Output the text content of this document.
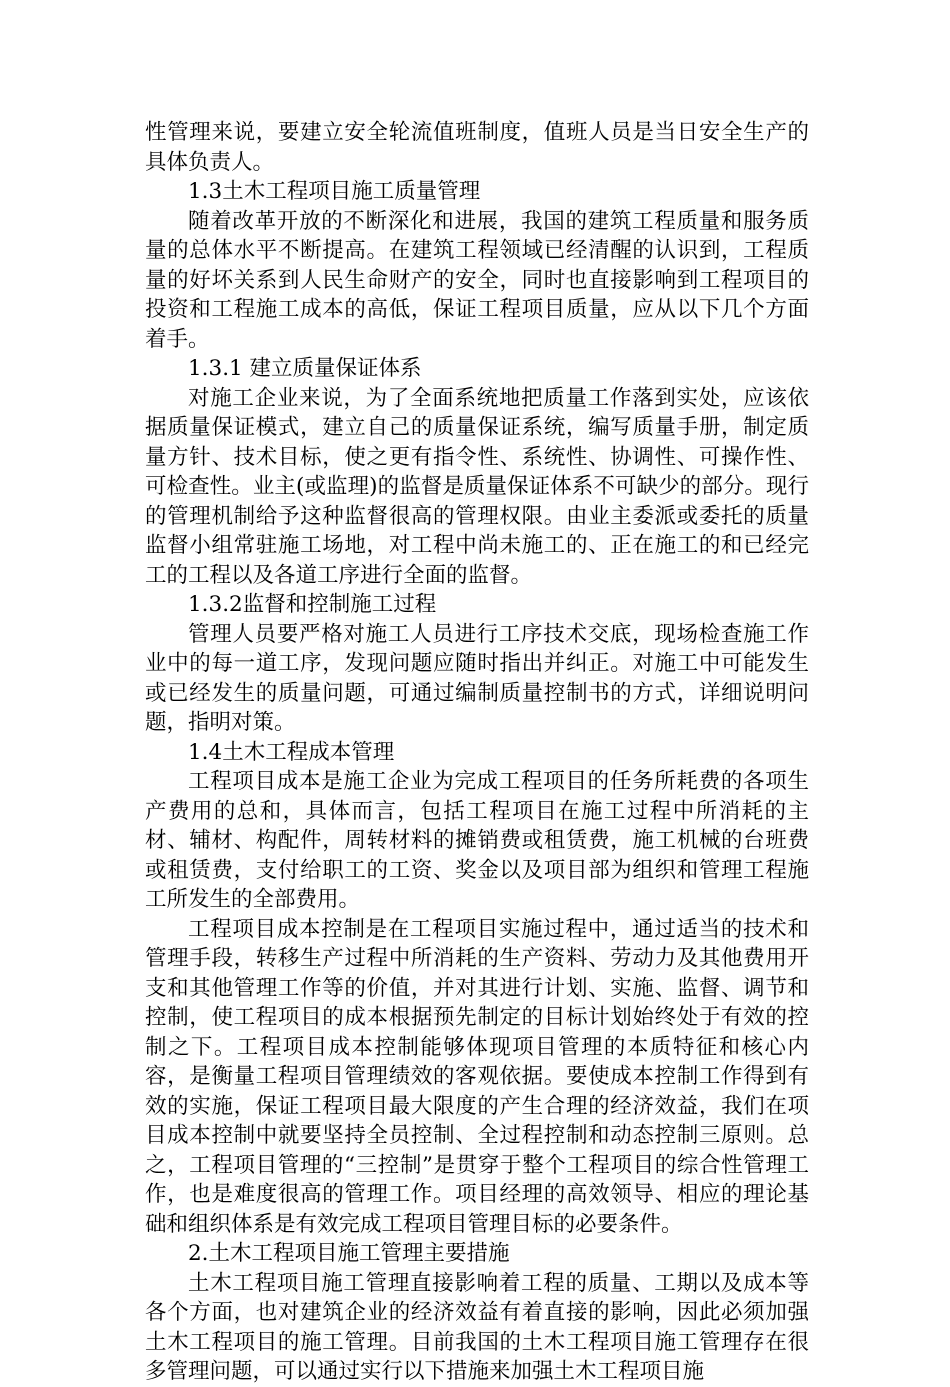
性管理来说，要建立安全轮流值班制度，值班人员是当日安全生产的具体负责人。

1.3土木工程项目施工质量管理

随着改革开放的不断深化和进展，我国的建筑工程质量和服务质量的总体水平不断提高。在建筑工程领域已经清醒的认识到，工程质量的好坏关系到人民生命财产的安全，同时也直接影响到工程项目的投资和工程施工成本的高低，保证工程项目质量，应从以下几个方面着手。

1.3.1 建立质量保证体系

对施工企业来说，为了全面系统地把质量工作落到实处，应该依据质量保证模式，建立自己的质量保证系统，编写质量手册，制定质量方针、技术目标，使之更有指令性、系统性、协调性、可操作性、可检查性。业主(或监理)的监督是质量保证体系不可缺少的部分。现行的管理机制给予这种监督很高的管理权限。由业主委派或委托的质量监督小组常驻施工场地，对工程中尚未施工的、正在施工的和已经完工的工程以及各道工序进行全面的监督。

1.3.2监督和控制施工过程

管理人员要严格对施工人员进行工序技术交底，现场检查施工作业中的每一道工序，发现问题应随时指出并纠正。对施工中可能发生或已经发生的质量问题，可通过编制质量控制书的方式，详细说明问题，指明对策。

1.4土木工程成本管理

工程项目成本是施工企业为完成工程项目的任务所耗费的各项生产费用的总和，具体而言，包括工程项目在施工过程中所消耗的主材、辅材、构配件，周转材料的摊销费或租赁费，施工机械的台班费或租赁费，支付给职工的工资、奖金以及项目部为组织和管理工程施工所发生的全部费用。

工程项目成本控制是在工程项目实施过程中，通过适当的技术和管理手段，转移生产过程中所消耗的生产资料、劳动力及其他费用开支和其他管理工作等的价值，并对其进行计划、实施、监督、调节和控制，使工程项目的成本根据预先制定的目标计划始终处于有效的控制之下。工程项目成本控制能够体现项目管理的本质特征和核心内容，是衡量工程项目管理绩效的客观依据。要使成本控制工作得到有效的实施，保证工程项目最大限度的产生合理的经济效益，我们在项目成本控制中就要坚持全员控制、全过程控制和动态控制三原则。总之，工程项目管理的“三控制”是贯穿于整个工程项目的综合性管理工作，也是难度很高的管理工作。项目经理的高效领导、相应的理论基础和组织体系是有效完成工程项目管理目标的必要条件。

2.土木工程项目施工管理主要措施

土木工程项目施工管理直接影响着工程的质量、工期以及成本等各个方面，也对建筑企业的经济效益有着直接的影响，因此必须加强土木工程项目的施工管理。目前我国的土木工程项目施工管理存在很多管理问题，可以通过实行以下措施来加强土木工程项目施
